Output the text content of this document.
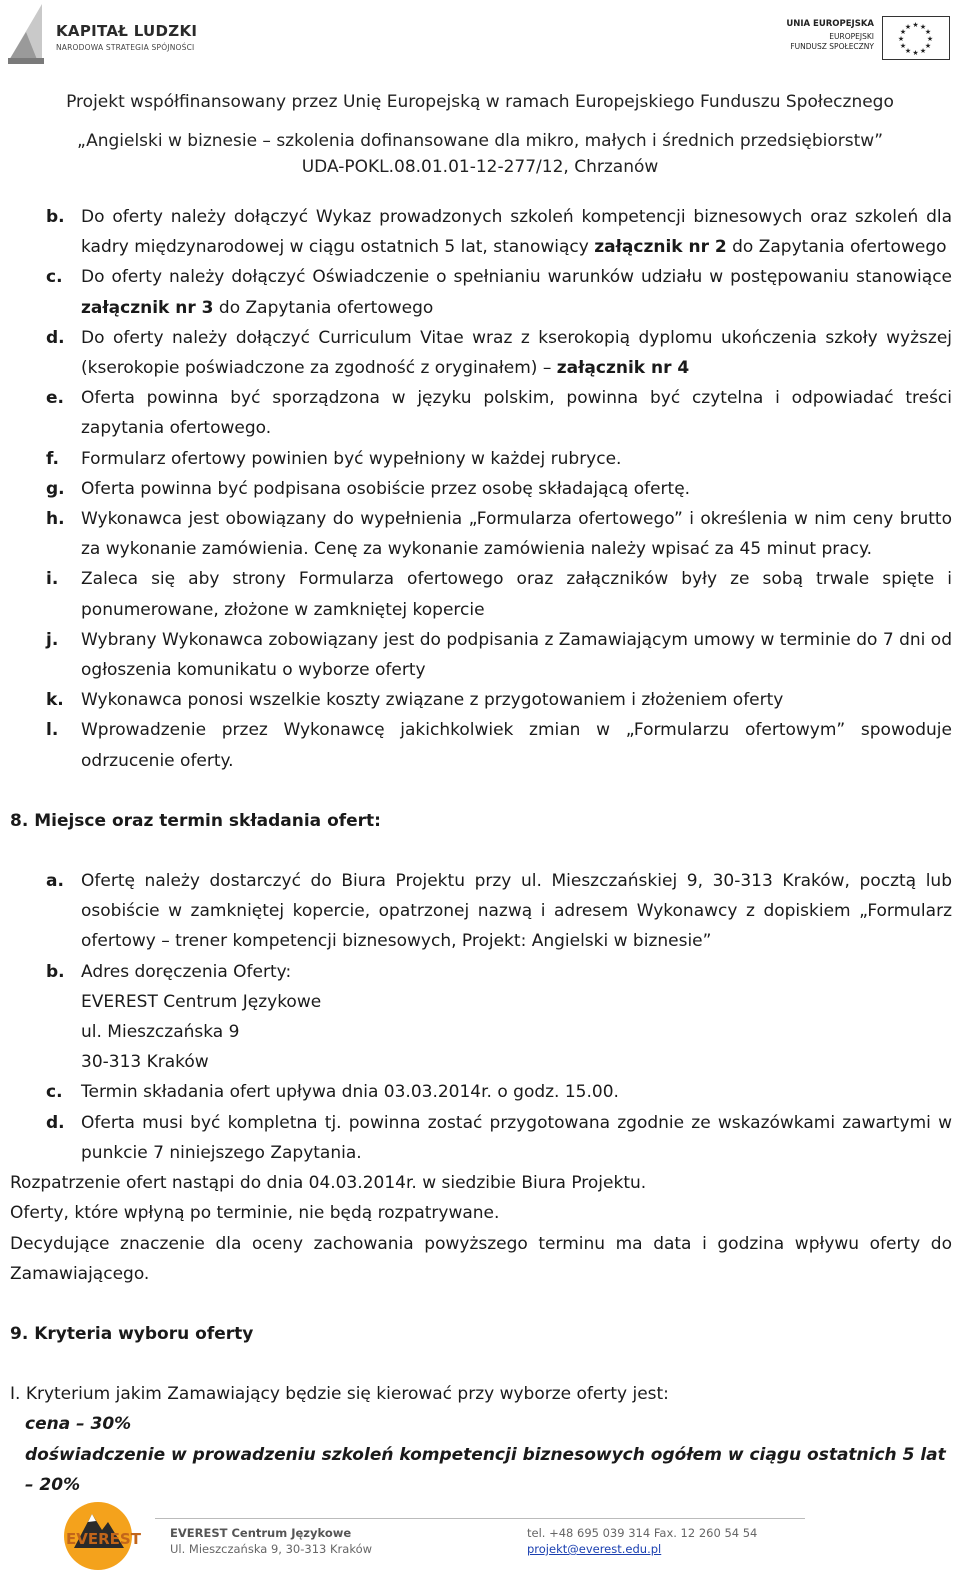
KAPITAŁ LUDZKI
NARODOWA STRATEGIA SPÓJNOŚCI
UNIA EUROPEJSKA
EUROPEJSKI
FUNDUSZ SPOŁECZNY
★ ★
★
★
★
★
★
★
★
★
★
★
Projekt współfinansowany przez Unię Europejską w ramach Europejskiego Funduszu Społecznego
„Angielski w biznesie – szkolenia dofinansowane dla mikro, małych i średnich przedsiębiorstw”
UDA-POKL.08.01.01-12-277/12, Chrzanów
b. Do oferty należy dołączyć Wykaz prowadzonych szkoleń kompetencji biznesowych oraz szkoleń dla kadry międzynarodowej w ciągu ostatnich 5 lat, stanowiący załącznik nr 2 do Zapytania ofertowego
c.	Do oferty należy dołączyć Oświadczenie o spełnianiu warunków udziału w postępowaniu stanowiące załącznik nr 3 do Zapytania ofertowego
d. Do oferty należy dołączyć Curriculum Vitae wraz z kserokopią dyplomu ukończenia szkoły wyższej (kserokopie poświadczone za zgodność z oryginałem) – załącznik nr 4
e.	Oferta powinna być sporządzona w języku polskim, powinna być czytelna i odpowiadać treści zapytania ofertowego.
f.	Formularz ofertowy powinien być wypełniony w każdej rubryce.
g. Oferta powinna być podpisana osobiście przez osobę składającą ofertę.
h. Wykonawca jest obowiązany do wypełnienia „Formularza ofertowego” i określenia w nim ceny brutto za wykonanie zamówienia. Cenę za wykonanie zamówienia należy wpisać za 45 minut pracy.
i.	Zaleca się aby strony Formularza ofertowego oraz załączników były ze sobą trwale spięte i ponumerowane, złożone w zamkniętej kopercie
j.	Wybrany Wykonawca zobowiązany jest do podpisania z Zamawiającym umowy w terminie do 7 dni od ogłoszenia komunikatu o wyborze oferty
k.	Wykonawca ponosi wszelkie koszty związane z przygotowaniem i złożeniem oferty
l.	Wprowadzenie przez Wykonawcę jakichkolwiek zmian w „Formularzu ofertowym” spowoduje odrzucenie oferty.
8. Miejsce oraz termin składania ofert:
a.	Ofertę należy dostarczyć do Biura Projektu przy ul. Mieszczańskiej 9, 30-313 Kraków, pocztą lub osobiście w zamkniętej kopercie, opatrzonej nazwą i adresem Wykonawcy z dopiskiem „Formularz ofertowy – trener kompetencji biznesowych, Projekt: Angielski w biznesie”
b. Adres doręczenia Oferty:
EVEREST Centrum Językowe
ul. Mieszczańska 9
30-313 Kraków
c.	Termin składania ofert upływa dnia 03.03.2014r. o godz. 15.00.
d. Oferta musi być kompletna tj. powinna zostać przygotowana zgodnie ze wskazówkami zawartymi w punkcie 7 niniejszego Zapytania.
Rozpatrzenie ofert nastąpi do dnia 04.03.2014r. w siedzibie Biura Projektu.
Oferty, które wpłyną po terminie, nie będą rozpatrywane.
Decydujące znaczenie dla oceny zachowania powyższego terminu ma data i godzina wpływu oferty do Zamawiającego.
9. Kryteria wyboru oferty
I. Kryterium jakim Zamawiający będzie się kierować przy wyborze oferty jest:
cena – 30%
doświadczenie w prowadzeniu szkoleń kompetencji biznesowych ogółem w ciągu ostatnich 5 lat – 20%
EVEREST	EVEREST Centrum Językowe
Ul. Mieszczańska 9, 30-313 Kraków
tel. +48 695 039 314 Fax. 12 260 54 54
projekt@everest.edu.pl
